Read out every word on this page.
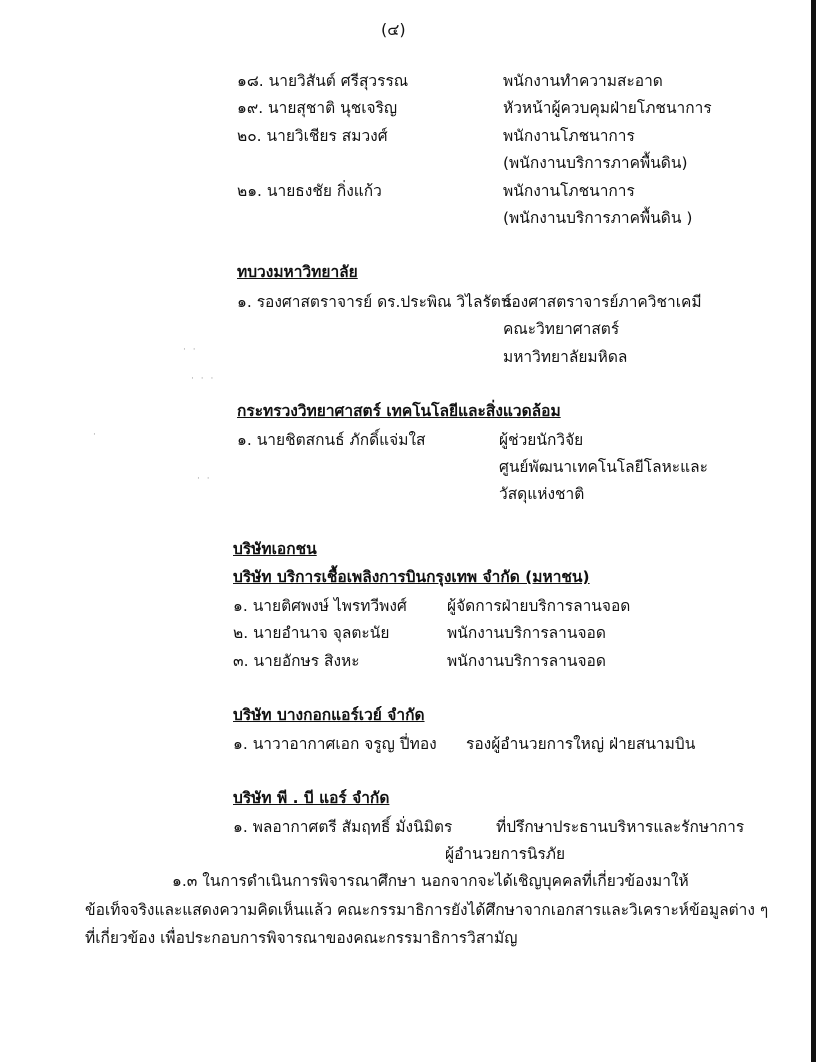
(๔)
๑๘. นายวิสันต์ ศรีสุวรรณ	พนักงานทำความสะอาด
๑๙. นายสุชาติ นุชเจริญ	หัวหน้าผู้ควบคุมฝ่ายโภชนาการ
๒๐. นายวิเชียร สมวงศ์	พนักงานโภชนาการ
(พนักงานบริการภาคพื้นดิน)
๒๑. นายธงชัย กิ่งแก้ว	พนักงานโภชนาการ
(พนักงานบริการภาคพื้นดิน )
ทบวงมหาวิทยาลัย
๑. รองศาสตราจารย์ ดร.ประพิณ วิไลรัตน์
รองศาสตราจารย์ภาควิชาเคมี
คณะวิทยาศาสตร์
มหาวิทยาลัยมหิดล
กระทรวงวิทยาศาสตร์ เทคโนโลยีและสิ่งแวดล้อม
๑. นายชิตสกนธ์ ภักดิ์แจ่มใส	ผู้ช่วยนักวิจัย
ศูนย์พัฒนาเทคโนโลยีโลหะและ
วัสดุแห่งชาติ
บริษัทเอกชน
บริษัท บริการเชื้อเพลิงการบินกรุงเทพ จำกัด (มหาชน)
๑. นายติศพงษ์ ไพรทวีพงศ์	ผู้จัดการฝ่ายบริการลานจอด
๒. นายอำนาจ จุลตะนัย	พนักงานบริการลานจอด
๓. นายอักษร สิงหะ	พนักงานบริการลานจอด
บริษัท บางกอกแอร์เวย์ จำกัด
๑. นาวาอากาศเอก จรูญ ปี่ทอง รองผู้อำนวยการใหญ่ ฝ่ายสนามบิน
บริษัท พี . บี แอร์ จำกัด
๑. พลอากาศตรี สัมฤทธิ์ มั่งนิมิตร	ที่ปรึกษาประธานบริหารและรักษาการ
ผู้อำนวยการนิรภัย
๑.๓ ในการดำเนินการพิจารณาศึกษา นอกจากจะได้เชิญบุคคลที่เกี่ยวข้องมาให้
ข้อเท็จจริงและแสดงความคิดเห็นแล้ว คณะกรรมาธิการยังได้ศึกษาจากเอกสารและวิเคราะห์ข้อมูลต่าง ๆ
ที่เกี่ยวข้อง เพื่อประกอบการพิจารณาของคณะกรรมาธิการวิสามัญ
· ·
· · ·
·
· ·
